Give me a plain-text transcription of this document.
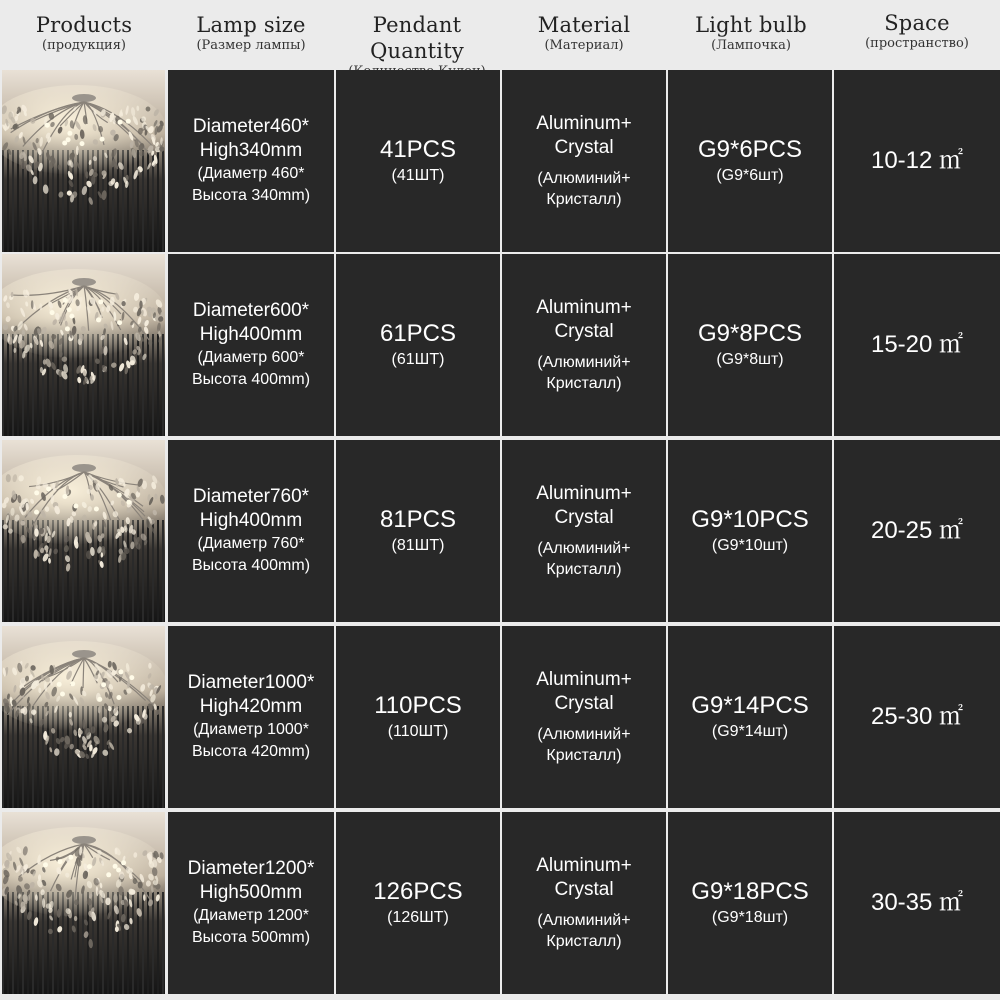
Products
(продукция)
Lamp size
(Размер лампы)
Pendant Quantity
Material
(Материал)
Light bulb
(Лампочка)
Space
(пространство)
Diameter460*
High340mm
(Диаметр 460*
Высота 340mm)
41PCS
(41ШТ)
Aluminum+
Crystal
(Алюминий+
Кристалл)
G9*6PCS
(G9*6шт)
10-12 ㎡
Diameter600*
High400mm
(Диаметр 600*
Высота 400mm)
61PCS
(61ШТ)
Aluminum+
Crystal
(Алюминий+
Кристалл)
G9*8PCS
(G9*8шт)
15-20 ㎡
Diameter760*
High400mm
(Диаметр 760*
Высота 400mm)
81PCS
(81ШТ)
Aluminum+
Crystal
(Алюминий+
Кристалл)
G9*10PCS
(G9*10шт)
20-25 ㎡
Diameter1000*
High420mm
(Диаметр 1000*
Высота 420mm)
110PCS
(110ШТ)
Aluminum+
Crystal
(Алюминий+
Кристалл)
G9*14PCS
(G9*14шт)
25-30 ㎡
Diameter1200*
High500mm
(Диаметр 1200*
Высота 500mm)
126PCS
(126ШТ)
Aluminum+
Crystal
(Алюминий+
Кристалл)
G9*18PCS
(G9*18шт)
30-35 ㎡
